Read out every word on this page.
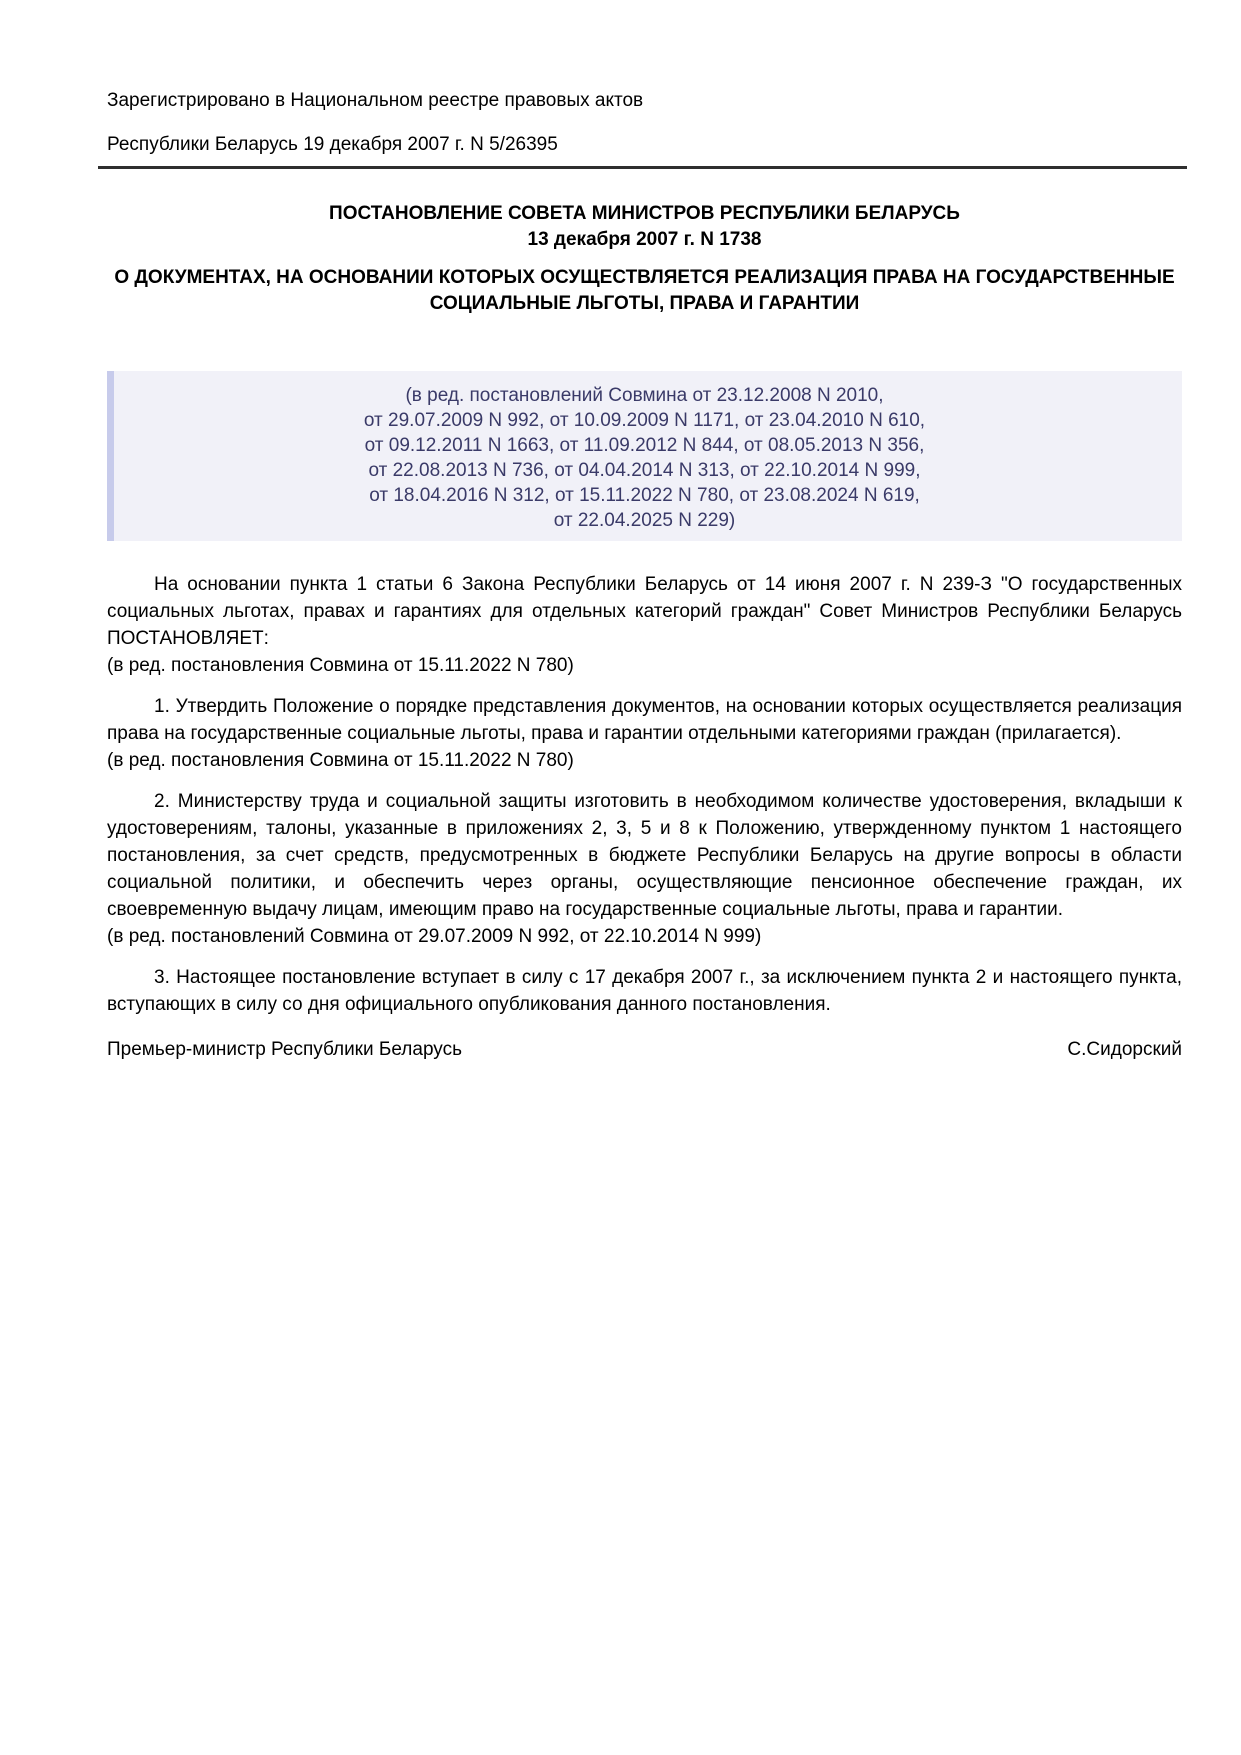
Зарегистрировано в Национальном реестре правовых актов
Республики Беларусь 19 декабря 2007 г. N 5/26395
ПОСТАНОВЛЕНИЕ СОВЕТА МИНИСТРОВ РЕСПУБЛИКИ БЕЛАРУСЬ
13 декабря 2007 г. N 1738
О ДОКУМЕНТАХ, НА ОСНОВАНИИ КОТОРЫХ ОСУЩЕСТВЛЯЕТСЯ РЕАЛИЗАЦИЯ ПРАВА НА ГОСУДАРСТВЕННЫЕ СОЦИАЛЬНЫЕ ЛЬГОТЫ, ПРАВА И ГАРАНТИИ
(в ред. постановлений Совмина от 23.12.2008 N 2010,
от 29.07.2009 N 992, от 10.09.2009 N 1171, от 23.04.2010 N 610,
от 09.12.2011 N 1663, от 11.09.2012 N 844, от 08.05.2013 N 356,
от 22.08.2013 N 736, от 04.04.2014 N 313, от 22.10.2014 N 999,
от 18.04.2016 N 312, от 15.11.2022 N 780, от 23.08.2024 N 619,
от 22.04.2025 N 229)
На основании пункта 1 статьи 6 Закона Республики Беларусь от 14 июня 2007 г. N 239-З "О государственных социальных льготах, правах и гарантиях для отдельных категорий граждан" Совет Министров Республики Беларусь ПОСТАНОВЛЯЕТ:
(в ред. постановления Совмина от 15.11.2022 N 780)
1. Утвердить Положение о порядке представления документов, на основании которых осуществляется реализация права на государственные социальные льготы, права и гарантии отдельными категориями граждан (прилагается).
(в ред. постановления Совмина от 15.11.2022 N 780)
2. Министерству труда и социальной защиты изготовить в необходимом количестве удостоверения, вкладыши к удостоверениям, талоны, указанные в приложениях 2, 3, 5 и 8 к Положению, утвержденному пунктом 1 настоящего постановления, за счет средств, предусмотренных в бюджете Республики Беларусь на другие вопросы в области социальной политики, и обеспечить через органы, осуществляющие пенсионное обеспечение граждан, их своевременную выдачу лицам, имеющим право на государственные социальные льготы, права и гарантии.
(в ред. постановлений Совмина от 29.07.2009 N 992, от 22.10.2014 N 999)
3. Настоящее постановление вступает в силу с 17 декабря 2007 г., за исключением пункта 2 и настоящего пункта, вступающих в силу со дня официального опубликования данного постановления.
Премьер-министр Республики Беларусь	С.Сидорский
